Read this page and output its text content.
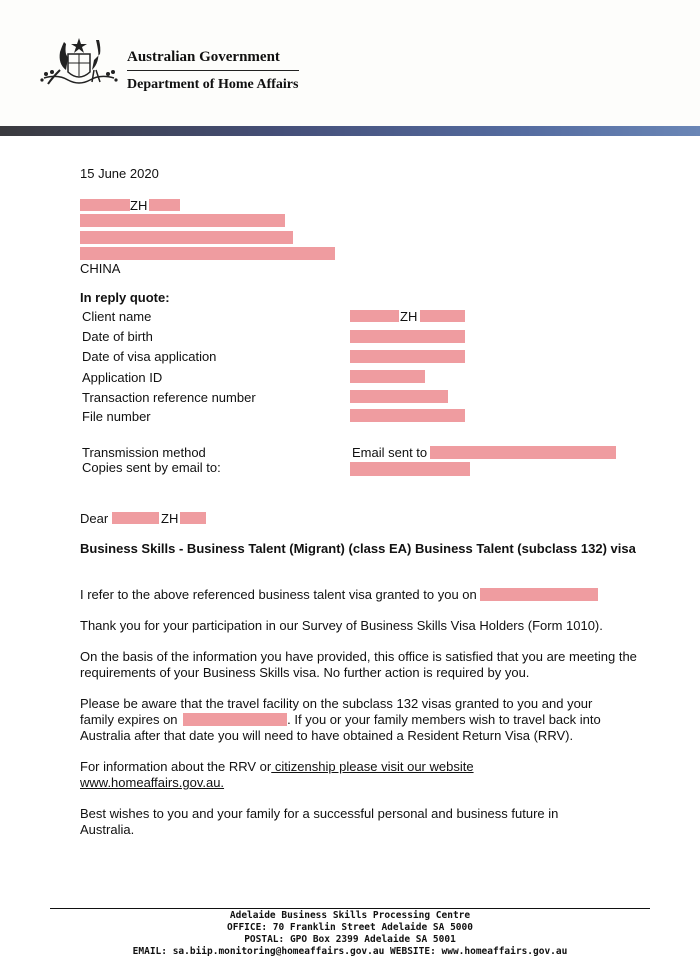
Australian Government
Department of Home Affairs
15 June 2020
ZH
CHINA
In reply quote:
Client name	ZH
Date of birth
Date of visa application
Application ID
Transaction reference number
File number
Transmission method	Email sent to
Copies sent by email to:
Dear	ZH
Business Skills - Business Talent (Migrant) (class EA) Business Talent (subclass 132) visa
I refer to the above referenced business talent visa granted to you on
Thank you for your participation in our Survey of Business Skills Visa Holders (Form 1010).
On the basis of the information you have provided, this office is satisfied that you are meeting the requirements of your Business Skills visa. No further action is required by you.
Please be aware that the travel facility on the subclass 132 visas granted to you and your
family expires on	. If you or your family members wish to travel back into
Australia after that date you will need to have obtained a Resident Return Visa (RRV).
For information about the RRV or citizenship please visit our website
www.homeaffairs.gov.au.
Best wishes to you and your family for a successful personal and business future in Australia.
Adelaide Business Skills Processing Centre
OFFICE: 70 Franklin Street Adelaide SA 5000
POSTAL: GPO Box 2399 Adelaide SA 5001
EMAIL: sa.biip.monitoring@homeaffairs.gov.au WEBSITE: www.homeaffairs.gov.au
